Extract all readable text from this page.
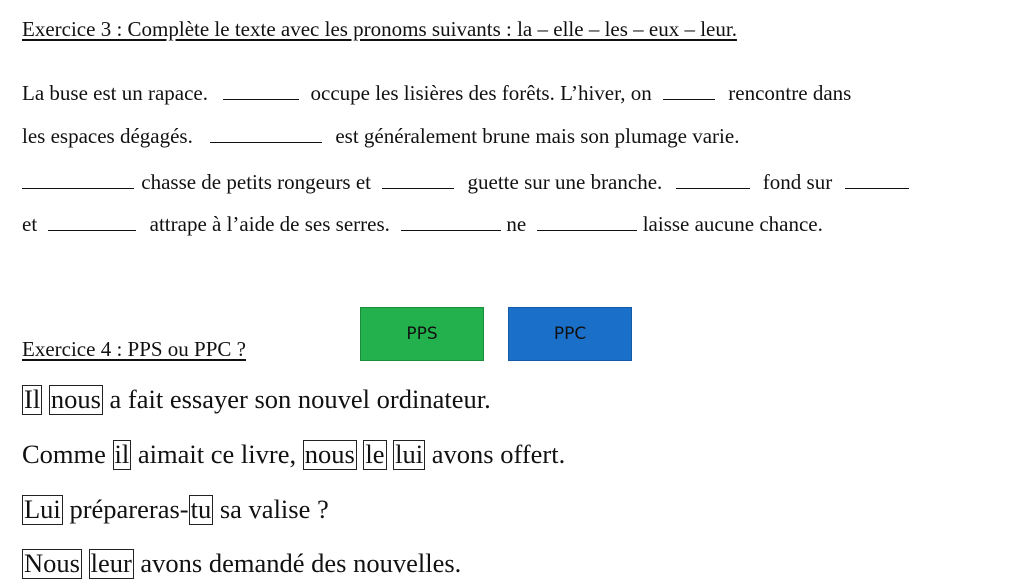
Exercice 3 : Complète le texte avec les pronoms suivants : la – elle – les – eux – leur.
La buse est un rapace.	occupe les lisières des forêts. L’hiver, on	rencontre dans
les espaces dégagés.	est généralement brune mais son plumage varie.
chasse de petits rongeurs et	guette sur une branche.	fond sur
et	attrape à l’aide de ses serres.	ne	laisse aucune chance.
Exercice 4 : PPS ou PPC ?
PPS	PPC
Il nous a fait essayer son nouvel ordinateur.
Comme il aimait ce livre, nous le lui avons offert.
Lui prépareras-tu sa valise ?
Nous leur avons demandé des nouvelles.
